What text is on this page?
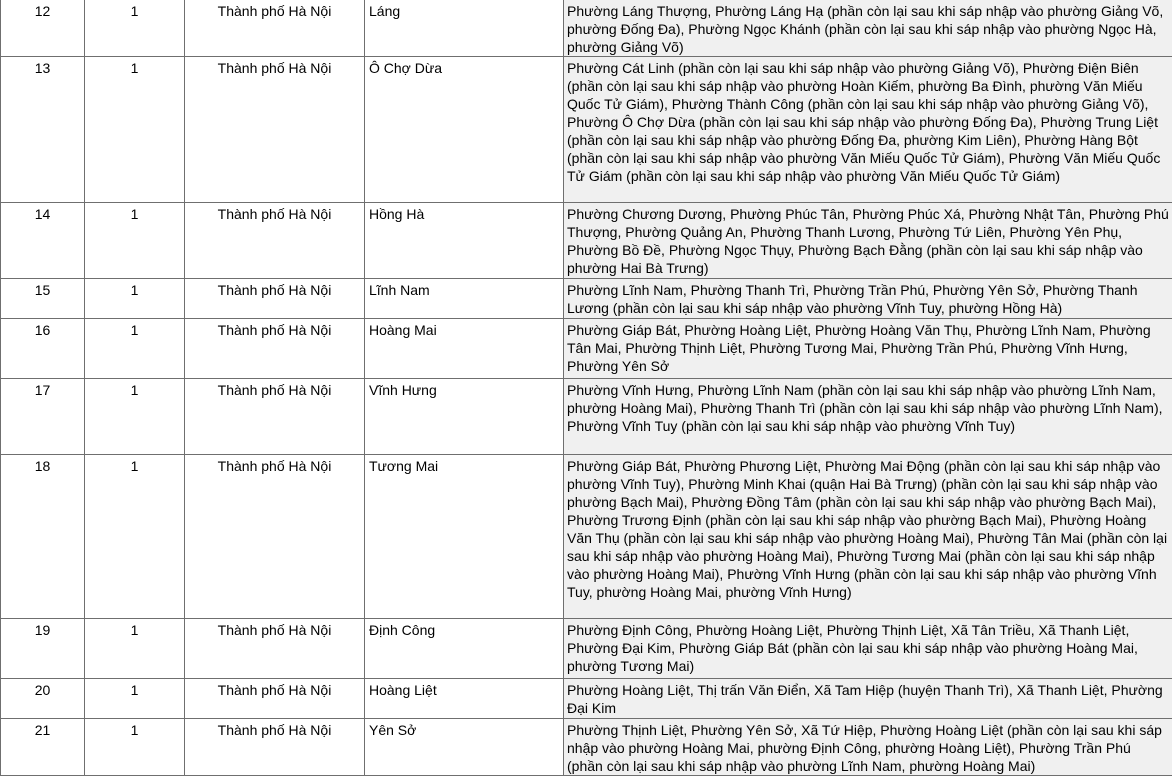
12	1	Thành phố Hà Nội	Láng	Phường Láng Thượng, Phường Láng Hạ (phần còn lại sau khi sáp nhập vào phường Giảng Võ, phường Đống Đa), Phường Ngọc Khánh (phần còn lại sau khi sáp nhập vào phường Ngọc Hà, phường Giảng Võ)
13	1	Thành phố Hà Nội	Ô Chợ Dừa	Phường Cát Linh (phần còn lại sau khi sáp nhập vào phường Giảng Võ), Phường Điện Biên (phần còn lại sau khi sáp nhập vào phường Hoàn Kiếm, phường Ba Đình, phường Văn Miếu Quốc Tử Giám), Phường Thành Công (phần còn lại sau khi sáp nhập vào phường Giảng Võ), Phường Ô Chợ Dừa (phần còn lại sau khi sáp nhập vào phường Đống Đa), Phường Trung Liệt (phần còn lại sau khi sáp nhập vào phường Đống Đa, phường Kim Liên), Phường Hàng Bột (phần còn lại sau khi sáp nhập vào phường Văn Miếu Quốc Tử Giám), Phường Văn Miếu Quốc Tử Giám (phần còn lại sau khi sáp nhập vào phường Văn Miếu Quốc Tử Giám)
14	1	Thành phố Hà Nội	Hồng Hà	Phường Chương Dương, Phường Phúc Tân, Phường Phúc Xá, Phường Nhật Tân, Phường Phú Thượng, Phường Quảng An, Phường Thanh Lương, Phường Tứ Liên, Phường Yên Phụ, Phường Bồ Đề, Phường Ngọc Thụy, Phường Bạch Đằng (phần còn lại sau khi sáp nhập vào phường Hai Bà Trưng)
15	1	Thành phố Hà Nội	Lĩnh Nam	Phường Lĩnh Nam, Phường Thanh Trì, Phường Trần Phú, Phường Yên Sở, Phường Thanh Lương (phần còn lại sau khi sáp nhập vào phường Vĩnh Tuy, phường Hồng Hà)
16	1	Thành phố Hà Nội	Hoàng Mai	Phường Giáp Bát, Phường Hoàng Liệt, Phường Hoàng Văn Thụ, Phường Lĩnh Nam, Phường Tân Mai, Phường Thịnh Liệt, Phường Tương Mai, Phường Trần Phú, Phường Vĩnh Hưng, Phường Yên Sở
17	1	Thành phố Hà Nội	Vĩnh Hưng	Phường Vĩnh Hưng, Phường Lĩnh Nam (phần còn lại sau khi sáp nhập vào phường Lĩnh Nam, phường Hoàng Mai), Phường Thanh Trì (phần còn lại sau khi sáp nhập vào phường Lĩnh Nam), Phường Vĩnh Tuy (phần còn lại sau khi sáp nhập vào phường Vĩnh Tuy)
18	1	Thành phố Hà Nội	Tương Mai	Phường Giáp Bát, Phường Phương Liệt, Phường Mai Động (phần còn lại sau khi sáp nhập vào phường Vĩnh Tuy), Phường Minh Khai (quận Hai Bà Trưng) (phần còn lại sau khi sáp nhập vào phường Bạch Mai), Phường Đồng Tâm (phần còn lại sau khi sáp nhập vào phường Bạch Mai), Phường Trương Định (phần còn lại sau khi sáp nhập vào phường Bạch Mai), Phường Hoàng Văn Thụ (phần còn lại sau khi sáp nhập vào phường Hoàng Mai), Phường Tân Mai (phần còn lại sau khi sáp nhập vào phường Hoàng Mai), Phường Tương Mai (phần còn lại sau khi sáp nhập vào phường Hoàng Mai), Phường Vĩnh Hưng (phần còn lại sau khi sáp nhập vào phường Vĩnh Tuy, phường Hoàng Mai, phường Vĩnh Hưng)
19	1	Thành phố Hà Nội	Định Công	Phường Định Công, Phường Hoàng Liệt, Phường Thịnh Liệt, Xã Tân Triều, Xã Thanh Liệt, Phường Đại Kim, Phường Giáp Bát (phần còn lại sau khi sáp nhập vào phường Hoàng Mai, phường Tương Mai)
20	1	Thành phố Hà Nội	Hoàng Liệt	Phường Hoàng Liệt, Thị trấn Văn Điển, Xã Tam Hiệp (huyện Thanh Trì), Xã Thanh Liệt, Phường Đại Kim
21	1	Thành phố Hà Nội	Yên Sở	Phường Thịnh Liệt, Phường Yên Sở, Xã Tứ Hiệp, Phường Hoàng Liệt (phần còn lại sau khi sáp nhập vào phường Hoàng Mai, phường Định Công, phường Hoàng Liệt), Phường Trần Phú (phần còn lại sau khi sáp nhập vào phường Lĩnh Nam, phường Hoàng Mai)
